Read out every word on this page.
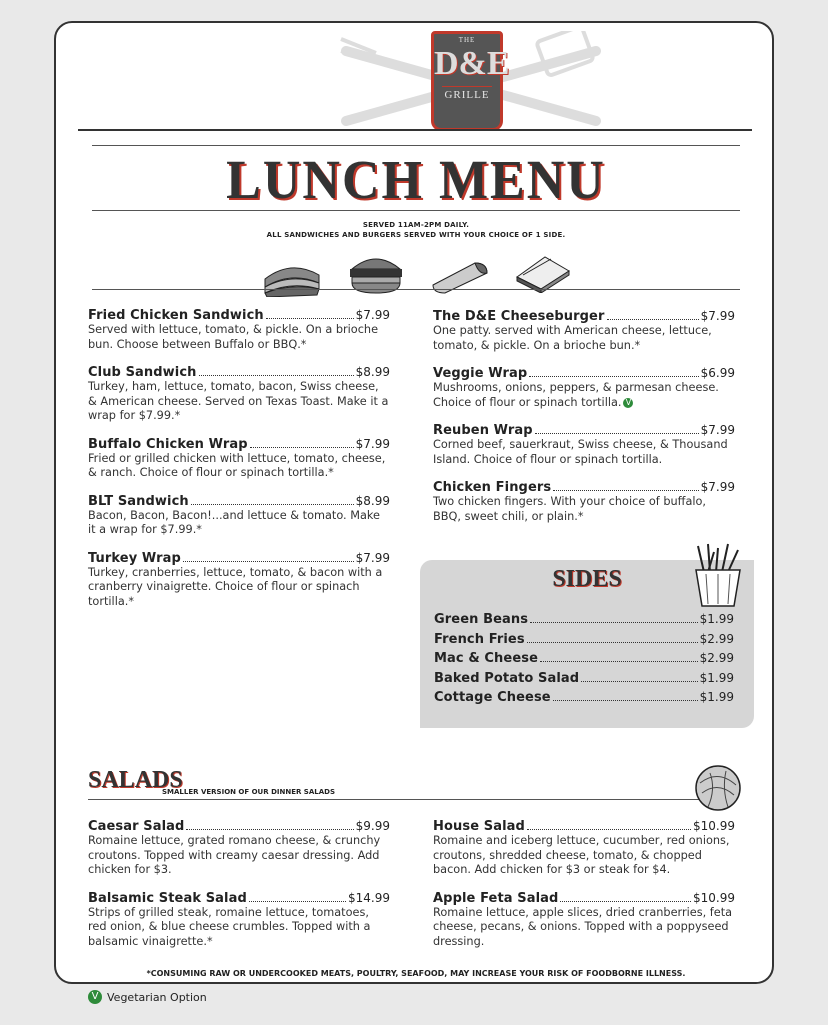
THE
D&E
GRILLE
LUNCH MENU
SERVED 11AM-2PM DAILY.
ALL SANDWICHES AND BURGERS SERVED WITH YOUR CHOICE OF 1 SIDE.
Fried Chicken Sandwich	$7.99
Served with lettuce, tomato, & pickle. On a brioche bun. Choose between Buffalo or BBQ.*
Club Sandwich	$8.99
Turkey, ham, lettuce, tomato, bacon, Swiss cheese, & American cheese. Served on Texas Toast. Make it a wrap for $7.99.*
Buffalo Chicken Wrap	$7.99
Fried or grilled chicken with lettuce, tomato, cheese, & ranch. Choice of flour or spinach tortilla.*
BLT Sandwich	$8.99
Bacon, Bacon, Bacon!...and lettuce & tomato. Make it a wrap for $7.99.*
Turkey Wrap	$7.99
Turkey, cranberries, lettuce, tomato, & bacon with a cranberry vinaigrette. Choice of flour or spinach tortilla.*
The D&E Cheeseburger	$7.99
One patty. served with American cheese, lettuce, tomato, & pickle. On a brioche bun.*
Veggie Wrap	$6.99
Mushrooms, onions, peppers, & parmesan cheese. Choice of flour or spinach tortilla. V
Reuben Wrap	$7.99
Corned beef, sauerkraut, Swiss cheese, & Thousand Island. Choice of flour or spinach tortilla.
Chicken Fingers	$7.99
Two chicken fingers. With your choice of buffalo, BBQ, sweet chili, or plain.*
SIDES
Green Beans	$1.99
French Fries	$2.99
Mac & Cheese	$2.99
Baked Potato Salad	$1.99
Cottage Cheese	$1.99
SALADS
SMALLER VERSION OF OUR DINNER SALADS
Caesar Salad	$9.99
Romaine lettuce, grated romano cheese, & crunchy croutons. Topped with creamy caesar dressing. Add chicken for $3.
Balsamic Steak Salad	$14.99
Strips of grilled steak, romaine lettuce, tomatoes, red onion, & blue cheese crumbles. Topped with a balsamic vinaigrette.*
House Salad	$10.99
Romaine and iceberg lettuce, cucumber, red onions, croutons, shredded cheese, tomato, & chopped bacon. Add chicken for $3 or steak for $4.
Apple Feta Salad	$10.99
Romaine lettuce, apple slices, dried cranberries, feta cheese, pecans, & onions. Topped with a poppyseed dressing.
*CONSUMING RAW OR UNDERCOOKED MEATS, POULTRY, SEAFOOD, MAY INCREASE YOUR RISK OF FOODBORNE ILLNESS.
V Vegetarian Option
